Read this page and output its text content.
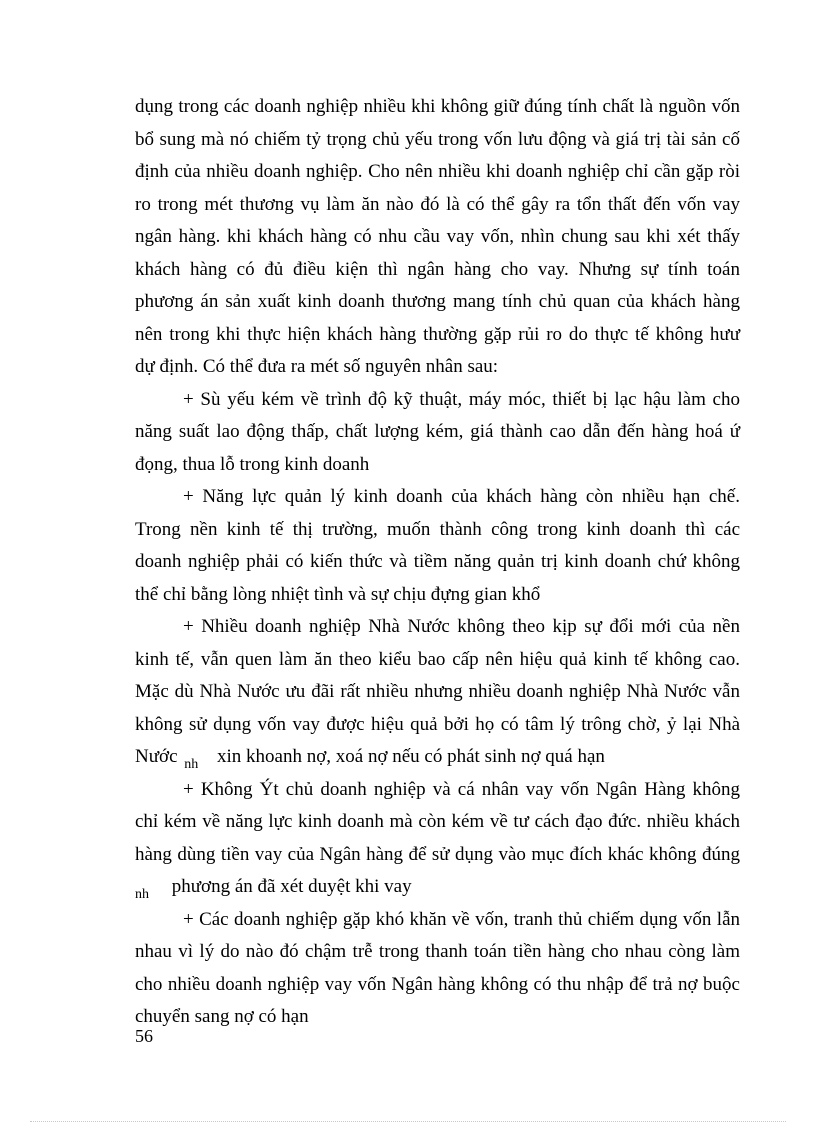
dụng trong các doanh nghiệp nhiều khi không giữ đúng tính chất là nguồn vốn
bổ sung mà nó chiếm tỷ trọng chủ yếu trong vốn lưu động và giá trị tài sản cố
định của nhiều doanh nghiệp. Cho nên nhiều khi doanh nghiệp chỉ cần gặp ròi
ro trong mét thương vụ làm ăn nào đó là có thể gây ra tổn thất đến vốn vay
ngân hàng. khi khách hàng có nhu cầu vay vốn, nhìn chung sau khi xét thấy
khách hàng có đủ điều kiện thì ngân hàng cho vay. Nhưng sự tính toán
phương án sản xuất kinh doanh thương mang tính chủ quan của khách hàng
nên trong khi thực hiện khách hàng thường gặp rủi ro do thực tế không hưư
dự định. Có thể đưa ra mét số nguyên nhân sau:
+ Sù yếu kém về trình độ kỹ thuật, máy móc, thiết bị lạc hậu làm cho
năng suất lao động thấp, chất lượng kém, giá thành cao dẫn đến hàng hoá ứ
đọng, thua lỗ trong kinh doanh
+ Năng lực quản lý kinh doanh của khách hàng còn nhiều hạn chế.
Trong nền kinh tế thị trường, muốn thành công trong kinh doanh thì các
doanh nghiệp phải có kiến thức và tiềm năng quản trị kinh doanh chứ không
thể chỉ bằng lòng nhiệt tình và sự chịu đựng gian khổ
+ Nhiều doanh nghiệp Nhà Nước không theo kịp sự đổi mới của nền
kinh tế, vẫn quen làm ăn theo kiểu bao cấp nên hiệu quả kinh tế không cao.
Mặc dù Nhà Nước ưu đãi rất nhiều nhưng nhiều doanh nghiệp Nhà Nước vẫn
không sử dụng vốn vay được hiệu quả bởi họ có tâm lý trông chờ, ỷ lại Nhà
Nước nh xin khoanh nợ, xoá nợ nếu có phát sinh nợ quá hạn
+ Không Ýt chủ doanh nghiệp và cá nhân vay vốn Ngân Hàng không
chỉ kém về năng lực kinh doanh mà còn kém về tư cách đạo đức. nhiều khách
hàng dùng tiền vay của Ngân hàng để sử dụng vào mục đích khác không đúng
nh phương án đã xét duyệt khi vay
+ Các doanh nghiệp gặp khó khăn về vốn, tranh thủ chiếm dụng vốn lẫn
nhau vì lý do nào đó chậm trễ trong thanh toán tiền hàng cho nhau còng làm
cho nhiều doanh nghiệp vay vốn Ngân hàng không có thu nhập để trả nợ buộc
chuyển sang nợ có hạn
56
